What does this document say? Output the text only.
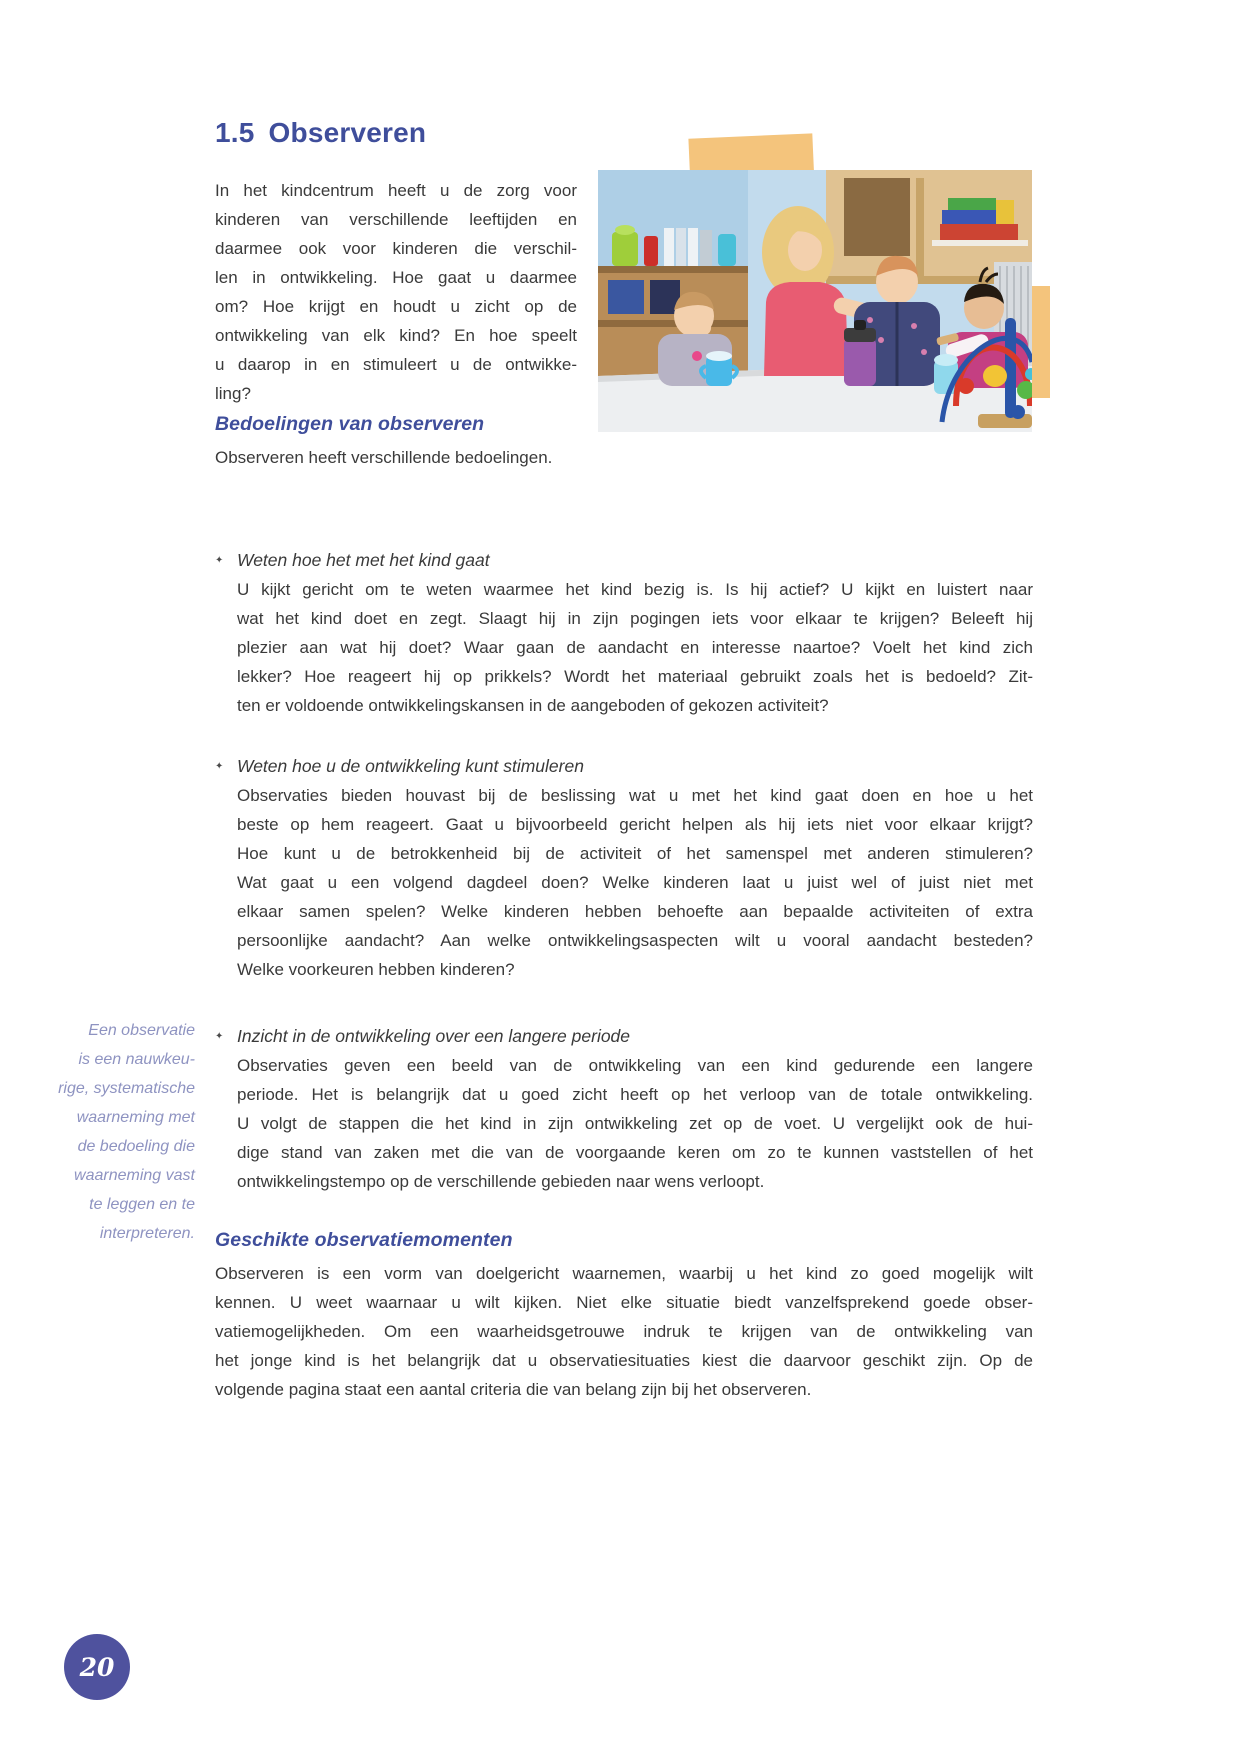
1.5 Observeren
In het kindcentrum heeft u de zorg voor
kinderen van verschillende leeftijden en
daarmee ook voor kinderen die verschil-
len in ontwikkeling. Hoe gaat u daarmee
om? Hoe krijgt en houdt u zicht op de
ontwikkeling van elk kind? En hoe speelt
u daarop in en stimuleert u de ontwikke-
ling?
Bedoelingen van observeren
Observeren heeft verschillende bedoelingen.
✦ Weten hoe het met het kind gaat
U kijkt gericht om te weten waarmee het kind bezig is. Is hij actief? U kijkt en luistert naar
wat het kind doet en zegt. Slaagt hij in zijn pogingen iets voor elkaar te krijgen? Beleeft hij
plezier aan wat hij doet? Waar gaan de aandacht en interesse naartoe? Voelt het kind zich
lekker? Hoe reageert hij op prikkels? Wordt het materiaal gebruikt zoals het is bedoeld? Zit-
ten er voldoende ontwikkelingskansen in de aangeboden of gekozen activiteit?
✦ Weten hoe u de ontwikkeling kunt stimuleren
Observaties bieden houvast bij de beslissing wat u met het kind gaat doen en hoe u het
beste op hem reageert. Gaat u bijvoorbeeld gericht helpen als hij iets niet voor elkaar krijgt?
Hoe kunt u de betrokkenheid bij de activiteit of het samenspel met anderen stimuleren?
Wat gaat u een volgend dagdeel doen? Welke kinderen laat u juist wel of juist niet met
elkaar samen spelen? Welke kinderen hebben behoefte aan bepaalde activiteiten of extra
persoonlijke aandacht? Aan welke ontwikkelingsaspecten wilt u vooral aandacht besteden?
Welke voorkeuren hebben kinderen?
✦ Inzicht in de ontwikkeling over een langere periode
Observaties geven een beeld van de ontwikkeling van een kind gedurende een langere
periode. Het is belangrijk dat u goed zicht heeft op het verloop van de totale ontwikkeling.
U volgt de stappen die het kind in zijn ontwikkeling zet op de voet. U vergelijkt ook de hui-
dige stand van zaken met die van de voorgaande keren om zo te kunnen vaststellen of het
ontwikkelingstempo op de verschillende gebieden naar wens verloopt.
Een observatie
is een nauwkeu-
rige, systematische
waarneming met
de bedoeling die
waarneming vast
te leggen en te
interpreteren. Geschikte observatiemomenten
Observeren is een vorm van doelgericht waarnemen, waarbij u het kind zo goed mogelijk wilt
kennen. U weet waarnaar u wilt kijken. Niet elke situatie biedt vanzelfsprekend goede obser-
vatiemogelijkheden. Om een waarheidsgetrouwe indruk te krijgen van de ontwikkeling van
het jonge kind is het belangrijk dat u observatiesituaties kiest die daarvoor geschikt zijn. Op de
volgende pagina staat een aantal criteria die van belang zijn bij het observeren.
20
